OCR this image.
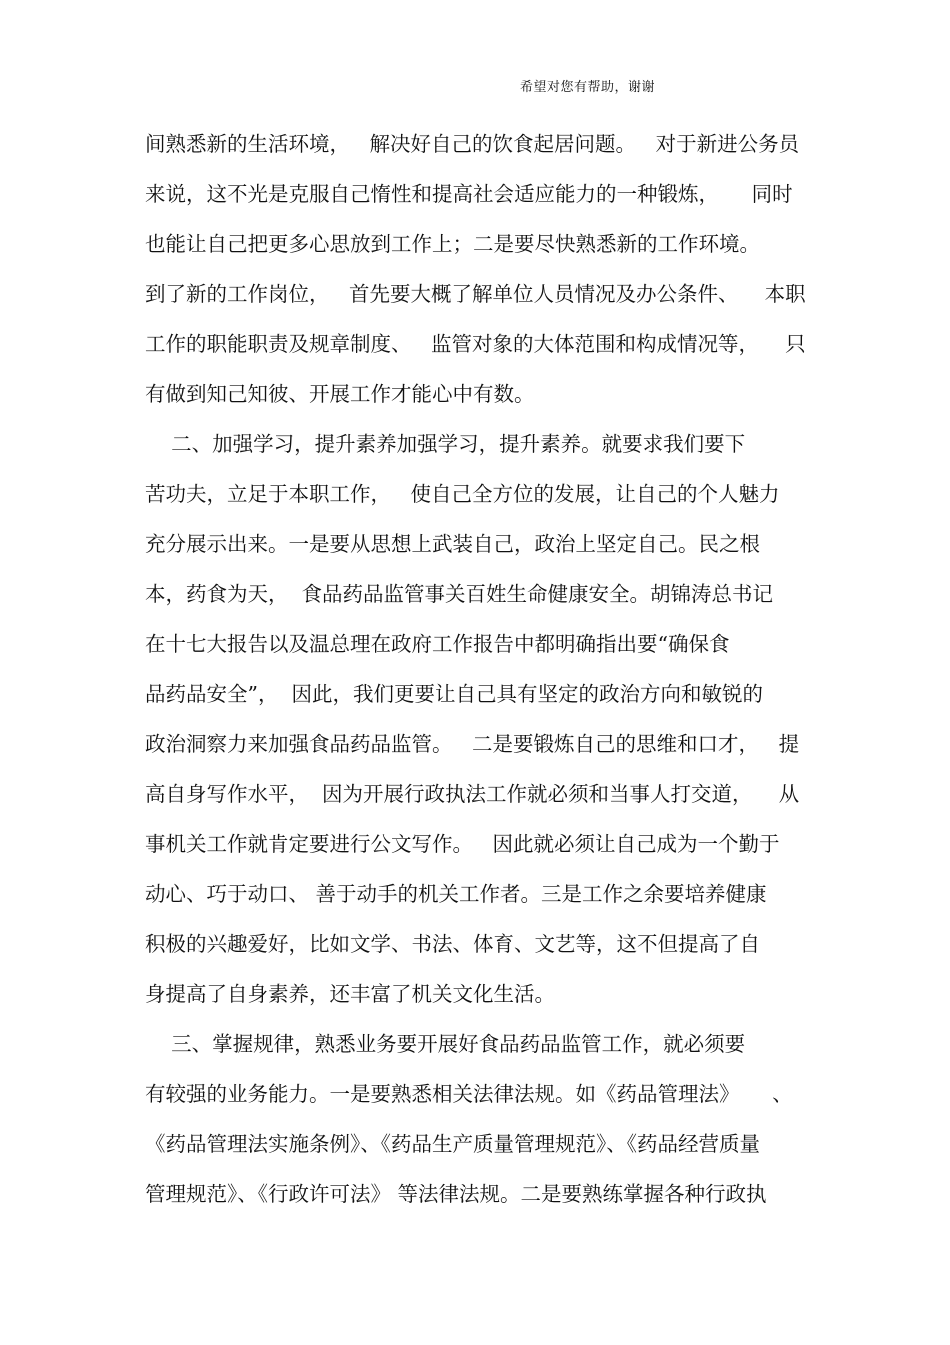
希望对您有帮助，谢谢
间熟悉新的生活环境，   解决好自己的饮食起居问题。   对于新进公务员
来说，这不光是克服自己惰性和提高社会适应能力的一种锻炼，     同时
也能让自己把更多心思放到工作上；二是要尽快熟悉新的工作环境。
到了新的工作岗位，   首先要大概了解单位人员情况及办公条件、    本职
工作的职能职责及规章制度、   监管对象的大体范围和构成情况等，    只
有做到知己知彼、开展工作才能心中有数。
二、加强学习，提升素养加强学习，提升素养。就要求我们要下
苦功夫，立足于本职工作，   使自己全方位的发展，让自己的个人魅力
充分展示出来。一是要从思想上武装自己，政治上坚定自己。民之根
本，药食为天，  食品药品监管事关百姓生命健康安全。胡锦涛总书记
在十七大报告以及温总理在政府工作报告中都明确指出要“确保食
品药品安全”，  因此，我们更要让自己具有坚定的政治方向和敏锐的
政治洞察力来加强食品药品监管。   二是要锻炼自己的思维和口才，   提
高自身写作水平，  因为开展行政执法工作就必须和当事人打交道，    从
事机关工作就肯定要进行公文写作。   因此就必须让自己成为一个勤于
动心、巧于动口、 善于动手的机关工作者。三是工作之余要培养健康
积极的兴趣爱好，比如文学、书法、体育、文艺等，这不但提高了自
身提高了自身素养，还丰富了机关文化生活。
三、掌握规律，熟悉业务要开展好食品药品监管工作，就必须要
有较强的业务能力。一是要熟悉相关法律法规。如《药品管理法》     、
《药品管理法实施条例》、《药品生产质量管理规范》、《药品经营质量
管理规范》、《行政许可法》 等法律法规。二是要熟练掌握各种行政执
